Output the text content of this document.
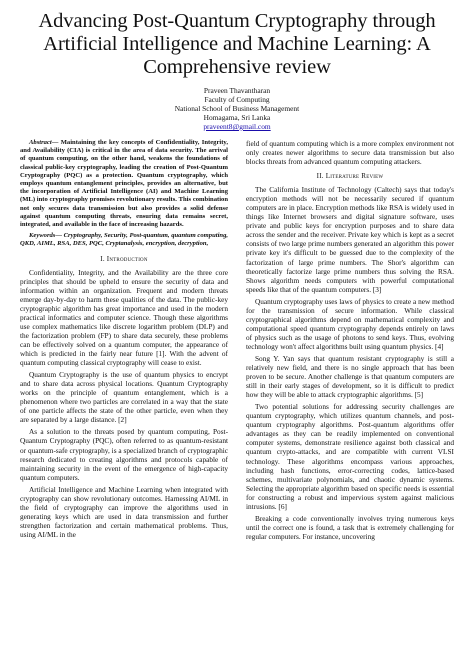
Advancing Post-Quantum Cryptography through Artificial Intelligence and Machine Learning: A Comprehensive review
Praveen Thavantharan
Faculty of Computing
National School of Business Management
Homagama, Sri Lanka
praveent8@gmail.com

Abstract— Maintaining the key concepts of Confidentiality, Integrity, and Availability (CIA) is critical in the area of data security. The arrival of quantum computing, on the other hand, weakens the foundations of classical public-key cryptography, leading the creation of Post-Quantum Cryptography (PQC) as a protection. Quantum cryptography, which employs quantum entanglement principles, provides an alternative, but the incorporation of Artificial Intelligence (AI) and Machine Learning (ML) into cryptography promises revolutionary results. This combination not only secures data transmission but also provides a solid defense against quantum computing threats, ensuring data remains secret, integrated, and available in the face of increasing hazards.

Keywords— Cryptography, Security, Post-quantum, quantum computing, QKD, AIML, RSA, DES, PQC, Cryptanalysis, encryption, decryption,

I. Introduction

Confidentiality, Integrity, and the Availability are the three core principles that should be upheld to ensure the security of data and information within an organization. Frequent and modern threats emerge day-by-day to harm these qualities of the data. The public-key cryptographic algorithm has great importance and used in the modern practical informatics and computer science. Though these algorithms use complex mathematics like discrete logarithm problem (DLP) and the factorization problem (FP) to share data securely, these problems can be effectively solved on a quantum computer, the appearance of which is predicted in the fairly near future [1]. With the advent of quantum computing classical cryptography will cease to exist.

Quantum Cryptography is the use of quantum physics to encrypt and to share data across physical locations. Quantum Cryptography works on the principle of quantum entanglement, which is a phenomenon where two particles are correlated in a way that the state of one particle affects the state of the other particle, even when they are separated by a large distance. [2]

As a solution to the threats posed by quantum computing, Post-Quantum Cryptography (PQC), often referred to as quantum-resistant or quantum-safe cryptography, is a specialized branch of cryptographic research dedicated to creating algorithms and protocols capable of maintaining security in the event of the emergence of high-capacity quantum computers.

Artificial Intelligence and Machine Learning when integrated with cryptography can show revolutionary outcomes. Harnessing AI/ML in the field of cryptography can improve the algorithms used in generating keys which are used in data transmission and further strengthen factorization and certain mathematical problems. Thus, using AI/ML in the

field of quantum computing which is a more complex environment not only creates newer algorithms to secure data transmission but also blocks threats from advanced quantum computing attackers.

II. Literature Review

The California Institute of Technology (Caltech) says that today's encryption methods will not be necessarily secured if quantum computers are in place. Encryption methods like RSA is widely used in things like Internet browsers and digital signature software, uses private and public keys for encryption purposes and to share data across the sender and the receiver. Private key which is kept as a secret consists of two large prime numbers generated an algorithm this power private key it's difficult to be guessed due to the complexity of the factorization of large prime numbers. The Shor's algorithm can theoretically factorize large prime numbers thus solving the RSA. Shows algorithm needs computers with powerful computational speeds like that of the quantum computers. [3]

Quantum cryptography uses laws of physics to create a new method for the transmission of secure information. While classical cryptographical algorithms depend on mathematical complexity and computational speed quantum cryptography depends entirely on laws of physics such as the usage of photons to send keys. Thus, evolving technology won't affect algorithms built using quantum physics. [4]

Song Y. Yan says that quantum resistant cryptography is still a relatively new field, and there is no single approach that has been proven to be secure. Another challenge is that quantum computers are still in their early stages of development, so it is difficult to predict how they will be able to attack cryptographic algorithms. [5]

Two potential solutions for addressing security challenges are quantum cryptography, which utilizes quantum channels, and post-quantum cryptography algorithms. Post-quantum algorithms offer advantages as they can be readily implemented on conventional computer systems, demonstrate resilience against both classical and quantum crypto-attacks, and are compatible with current VLSI technology. These algorithms encompass various approaches, including hash functions, error-correcting codes, lattice-based schemes, multivariate polynomials, and chaotic dynamic systems. Selecting the appropriate algorithm based on specific needs is essential for constructing a robust and impervious system against malicious intrusions. [6]

Breaking a code conventionally involves trying numerous keys until the correct one is found, a task that is extremely challenging for regular computers. For instance, uncovering
